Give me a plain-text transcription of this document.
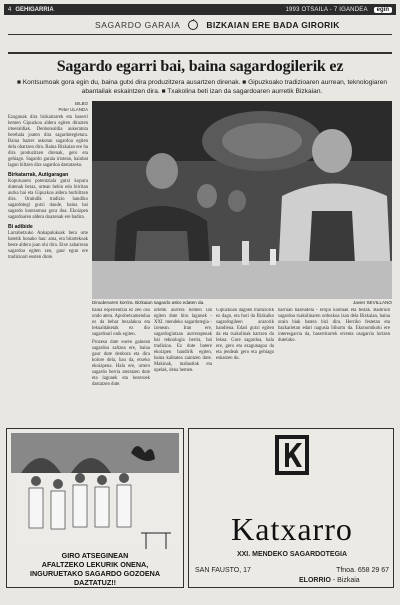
4 GEHIGARRIA	1993 OTSAILA - 7 IGANDEA	egin
SAGARDO GARAIA	BIZKAIAN ERE BADA GIRORIK
Sagardo egarri bai, baina sagardogilerik ez
■ Kontsumoak gora egin du, baina gutxi dira produzitzera ausartzen direnak. ■ Gipuzkoako tradizioaren aurrean, teknologiaren abantailak eskaintzen dira. ■ Txakolina beti izan da sagardoaren aurretik Bizkaian.
BILBO
Peter ULANDA
Ezagunak dira bizkaitarrek eta baserri hemen Gipuzkoa aldera egiten dituzten irteeraldiak. Denborealdia aukeratuta berehala joaten dira sagardotegietara. Baina bazter askotan sagardoa egiten dela ohartzen dira. Baina Bizkaian ere ba dira produzitzen direnak, gero eta gehiago. Sagardo garaia iristean, hainbat lagun biltzen dira sagardoa dastatzeko.
Birkatarrak, Autigaragan
Kopuruaren potentziala gutxi kopuru dutenak beraz, urtean behin edo birritan aurka bai eta Gipuzkoa aldera hurbiltzen dira. Oraindik tradizio handiko sagardotegi gutxi daude, baina bai sagardo kontsumoa gora doa. Ekoizpen sagardoaren aldera doazenak ere badira.
Bi adibide
Larrabetzuko Ankapalukoak bera urte batetik honako hau: ama, eta bitartekoak beste aldera joan ohi dira. Etxe zaharrean sagardoa egiten zen, gaur egun ere tradizioari eusten diote.
Dinudenaren korrira. Bizkaian sagardo asko edaten da.	Javier SEVILLANO
baina esperientzia ez zen oso ondo atera. Aprobetxamendua ez da behar bezalakoa eta lekualdaketak ez dio sagardoari onik egiten.
Prozesu dute euren gainean sagardoa saltzea ere, baina gaur dute denbora eta dira kolore dela, hau da, etxeko ekoizpena. Hala ere, urtero sagardo berria ateratzen dute eta lagunek eta bezeroek dastatzen dute.
urtetik aurrera hemen lan egiten dute hiru lagunek - XXI. mendeko sagardotegia - izenean. Iran ere, sagardogintzan aurrerapenak bai teknologia berria, bai tradizioa. Ez dute batere ekoizpen handirik egiten, baina kalitatea zaintzen dute. Makinak, mahastiak eta upelak, dena hemen.
Gipuzkoan dagoen tradiziorik ez dago, eta hori da Bizkaiko sagardogileen arazorik handiena. Edari gutxi egiten da eta txakolinak hartzen du lekua. Gure sagardoa, hala ere, gero eta ezagunagoa da eta jendeak gero eta gehiago eskatzen du.
barruan bazeudela - erlijio kontuak eta festak. Badirudi sagardoa txakolinaren ordezkoa izan dela Bizkaian, baina orain biak batera bizi dira. Herriko festetan eta bazkarietan edari nagusia bihurtu da. Ekonomikoki ere interesgarria da, baserritarrek errenta osagarria lortzen dutelako.
GIRO ATSEGINEAN
AFALTZEKO LEKURIK ONENA,
INGURUETAKO SAGARDO GOZOENA DAZTATUZ!!
Katxarro
XXI. MENDEKO SAGARDOTEGIA
SAN FAUSTO, 17	Tfnoa. 658 29 67
ELORRIO - Bizkaia
